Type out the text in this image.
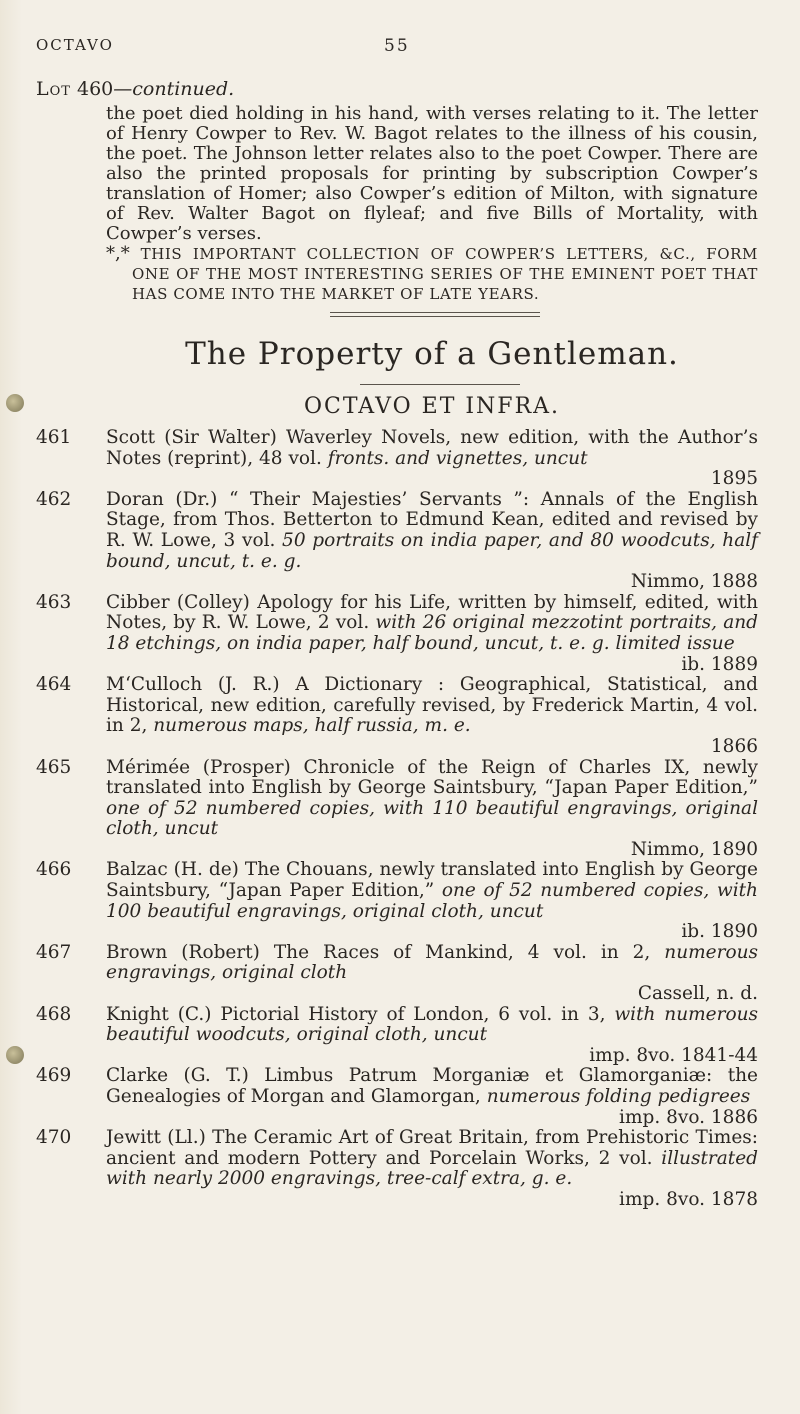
OCTAVO	55
Lot 460—continued.

the poet died holding in his hand, with verses relating to it. The letter of Henry Cowper to Rev. W. Bagot relates to the illness of his cousin, the poet. The Johnson letter relates also to the poet Cowper. There are also the printed proposals for printing by subscription Cowper’s translation of Homer; also Cowper’s edition of Milton, with signature of Rev. Walter Bagot on flyleaf; and five Bills of Mortality, with Cowper’s verses.

*,* THIS IMPORTANT COLLECTION OF COWPER’S LETTERS, &C., FORM ONE OF THE MOST INTERESTING SERIES OF THE EMINENT POET THAT HAS COME INTO THE MARKET OF LATE YEARS.

The Property of a Gentleman.
OCTAVO ET INFRA.
461	Scott (Sir Walter) Waverley Novels, new edition, with the Author’s Notes (reprint), 48 vol. fronts. and vignettes, uncut
1895
462	Doran (Dr.) “ Their Majesties’ Servants ”: Annals of the English Stage, from Thos. Betterton to Edmund Kean, edited and revised by R. W. Lowe, 3 vol. 50 portraits on india paper, and 80 woodcuts, half bound, uncut, t. e. g.
Nimmo, 1888
463	Cibber (Colley) Apology for his Life, written by himself, edited, with Notes, by R. W. Lowe, 2 vol. with 26 original mezzotint portraits, and 18 etchings, on india paper, half bound, uncut, t. e. g. limited issue
ib. 1889
464	M‘Culloch (J. R.) A Dictionary : Geographical, Statistical, and Historical, new edition, carefully revised, by Frederick Martin, 4 vol. in 2, numerous maps, half russia, m. e.
1866
465	Mérimée (Prosper) Chronicle of the Reign of Charles IX, newly translated into English by George Saintsbury, “Japan Paper Edition,” one of 52 numbered copies, with 110 beautiful engravings, original cloth, uncut
Nimmo, 1890
466	Balzac (H. de) The Chouans, newly translated into English by George Saintsbury, “Japan Paper Edition,” one of 52 numbered copies, with 100 beautiful engravings, original cloth, uncut
ib. 1890
467	Brown (Robert) The Races of Mankind, 4 vol. in 2, numerous engravings, original cloth
Cassell, n. d.
468	Knight (C.) Pictorial History of London, 6 vol. in 3, with numerous beautiful woodcuts, original cloth, uncut
imp. 8vo. 1841-44
469	Clarke (G. T.) Limbus Patrum Morganiæ et Glamorganiæ: the Genealogies of Morgan and Glamorgan, numerous folding pedigrees
imp. 8vo. 1886
470	Jewitt (Ll.) The Ceramic Art of Great Britain, from Prehistoric Times: ancient and modern Pottery and Porcelain Works, 2 vol. illustrated with nearly 2000 engravings, tree-calf extra, g. e.
imp. 8vo. 1878
